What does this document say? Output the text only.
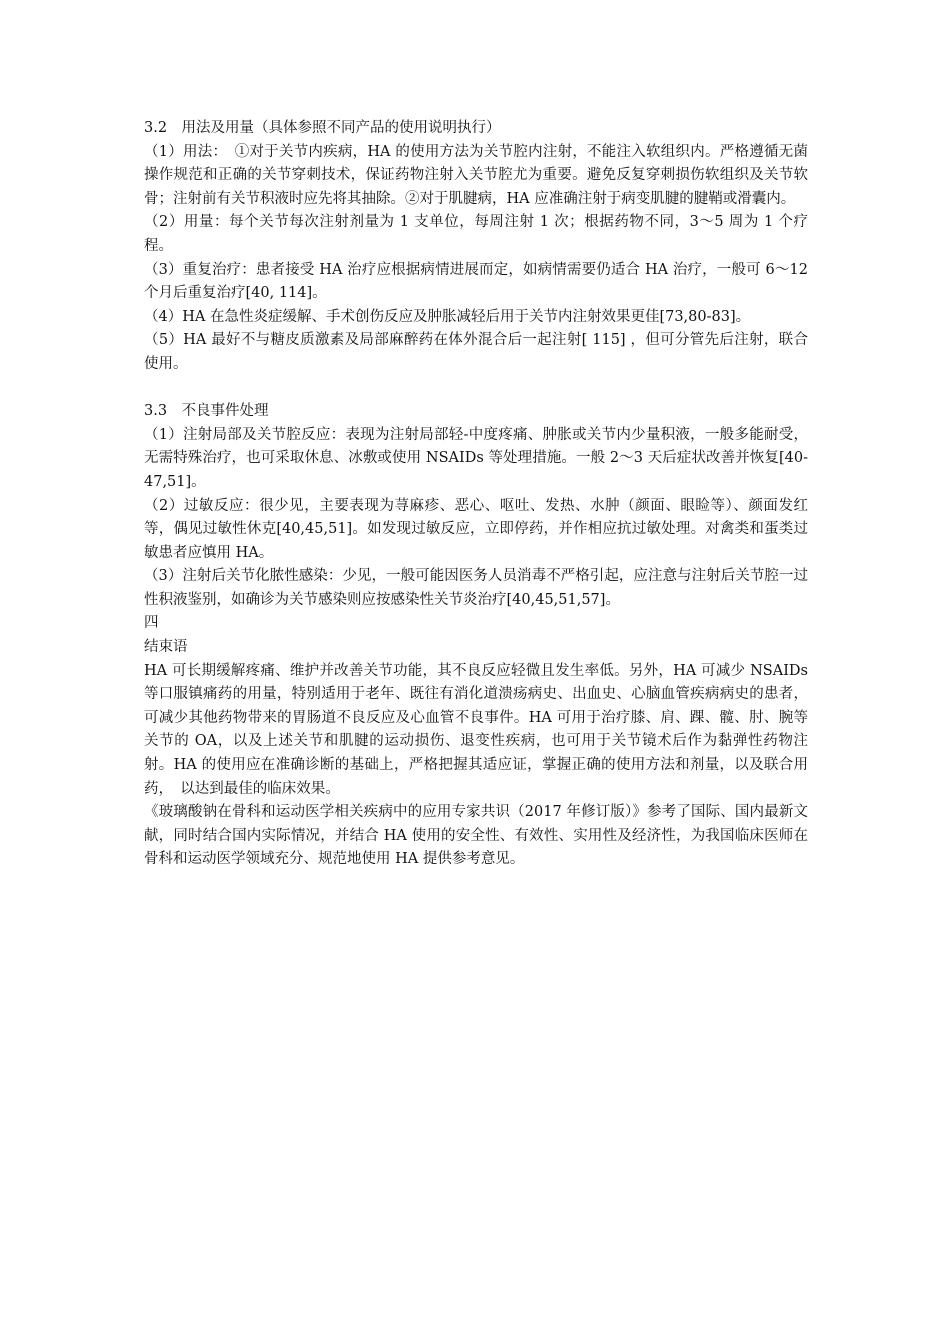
3.2　用法及用量（具体参照不同产品的使用说明执行）

（1）用法：　①对于关节内疾病，HA 的使用方法为关节腔内注射，不能注入软组织内。严格遵循无菌操作规范和正确的关节穿刺技术，保证药物注射入关节腔尤为重要。避免反复穿刺损伤软组织及关节软骨；注射前有关节积液时应先将其抽除。②对于肌腱病，HA 应准确注射于病变肌腱的腱鞘或滑囊内。

（2）用量：每个关节每次注射剂量为 1 支单位，每周注射 1 次；根据药物不同，3～5 周为 1 个疗程。

（3）重复治疗：患者接受 HA 治疗应根据病情进展而定，如病情需要仍适合 HA 治疗，一般可 6～12 个月后重复治疗[40, 114]。

（4）HA 在急性炎症缓解、手术创伤反应及肿胀减轻后用于关节内注射效果更佳[73,80-83]。

（5）HA 最好不与糖皮质激素及局部麻醉药在体外混合后一起注射[ 115] ，但可分管先后注射，联合使用。

3.3　不良事件处理

（1）注射局部及关节腔反应：表现为注射局部轻-中度疼痛、肿胀或关节内少量积液，一般多能耐受，无需特殊治疗，也可采取休息、冰敷或使用 NSAIDs 等处理措施。一般 2～3 天后症状改善并恢复[40-47,51]。

（2）过敏反应：很少见，主要表现为荨麻疹、恶心、呕吐、发热、水肿（颜面、眼睑等）、颜面发红等，偶见过敏性休克[40,45,51]。如发现过敏反应，立即停药，并作相应抗过敏处理。对禽类和蛋类过敏患者应慎用 HA。

（3）注射后关节化脓性感染：少见，一般可能因医务人员消毒不严格引起，应注意与注射后关节腔一过性积液鉴别，如确诊为关节感染则应按感染性关节炎治疗[40,45,51,57]。

四

结束语

HA 可长期缓解疼痛、维护并改善关节功能，其不良反应轻微且发生率低。另外，HA 可减少 NSAIDs 等口服镇痛药的用量，特别适用于老年、既往有消化道溃疡病史、出血史、心脑血管疾病病史的患者，可减少其他药物带来的胃肠道不良反应及心血管不良事件。HA 可用于治疗膝、肩、踝、髋、肘、腕等关节的 OA，以及上述关节和肌腱的运动损伤、退变性疾病，也可用于关节镜术后作为黏弹性药物注射。HA 的使用应在准确诊断的基础上，严格把握其适应证，掌握正确的使用方法和剂量，以及联合用药，　以达到最佳的临床效果。

《玻璃酸钠在骨科和运动医学相关疾病中的应用专家共识（2017 年修订版）》参考了国际、国内最新文献，同时结合国内实际情况，并结合 HA 使用的安全性、有效性、实用性及经济性，为我国临床医师在骨科和运动医学领域充分、规范地使用 HA 提供参考意见。
